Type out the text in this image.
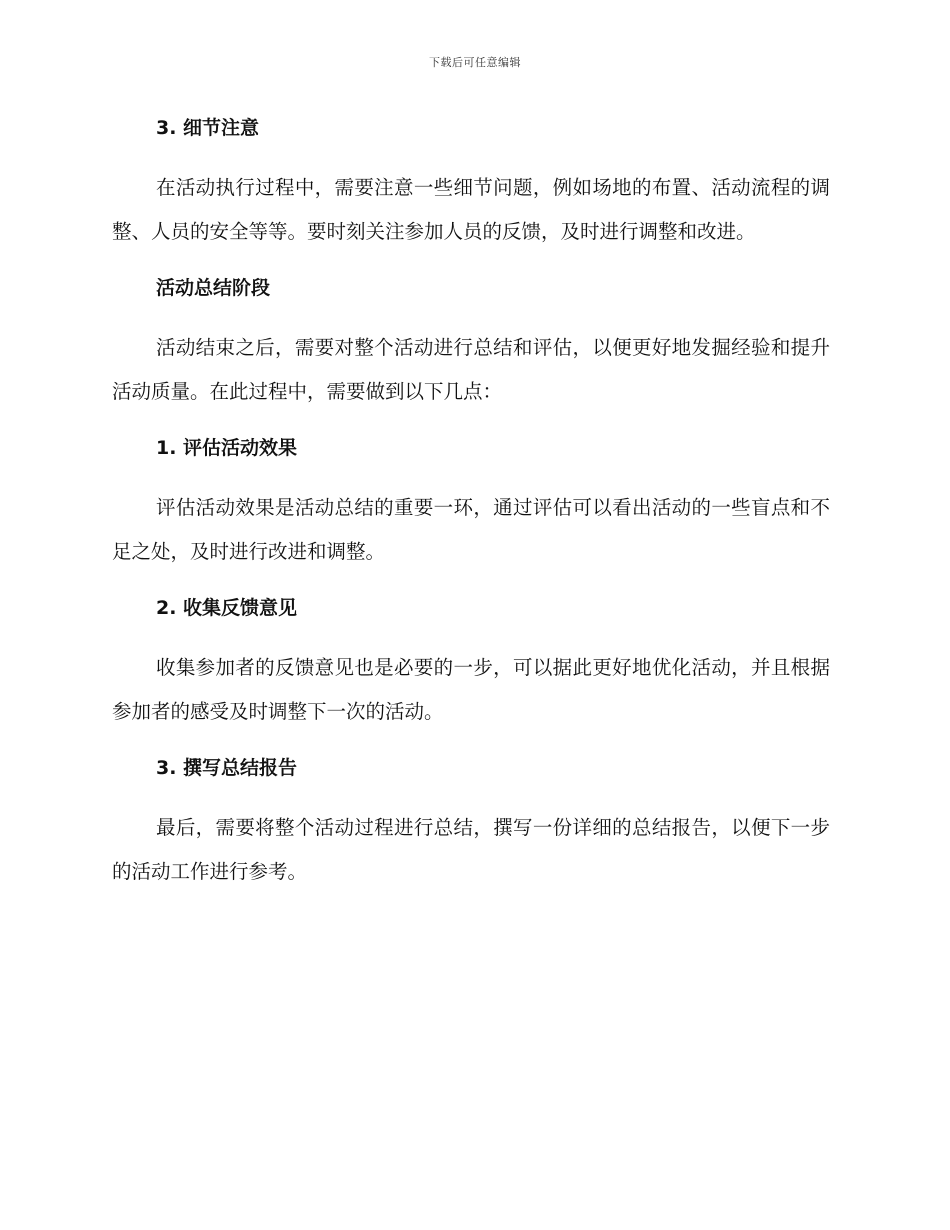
下载后可任意编辑
3. 细节注意
在活动执行过程中，需要注意一些细节问题，例如场地的布置、活动流程的调整、人员的安全等等。要时刻关注参加人员的反馈，及时进行调整和改进。
活动总结阶段
活动结束之后，需要对整个活动进行总结和评估，以便更好地发掘经验和提升活动质量。在此过程中，需要做到以下几点：
1. 评估活动效果
评估活动效果是活动总结的重要一环，通过评估可以看出活动的一些盲点和不足之处，及时进行改进和调整。
2. 收集反馈意见
收集参加者的反馈意见也是必要的一步，可以据此更好地优化活动，并且根据参加者的感受及时调整下一次的活动。
3. 撰写总结报告
最后，需要将整个活动过程进行总结，撰写一份详细的总结报告，以便下一步的活动工作进行参考。
